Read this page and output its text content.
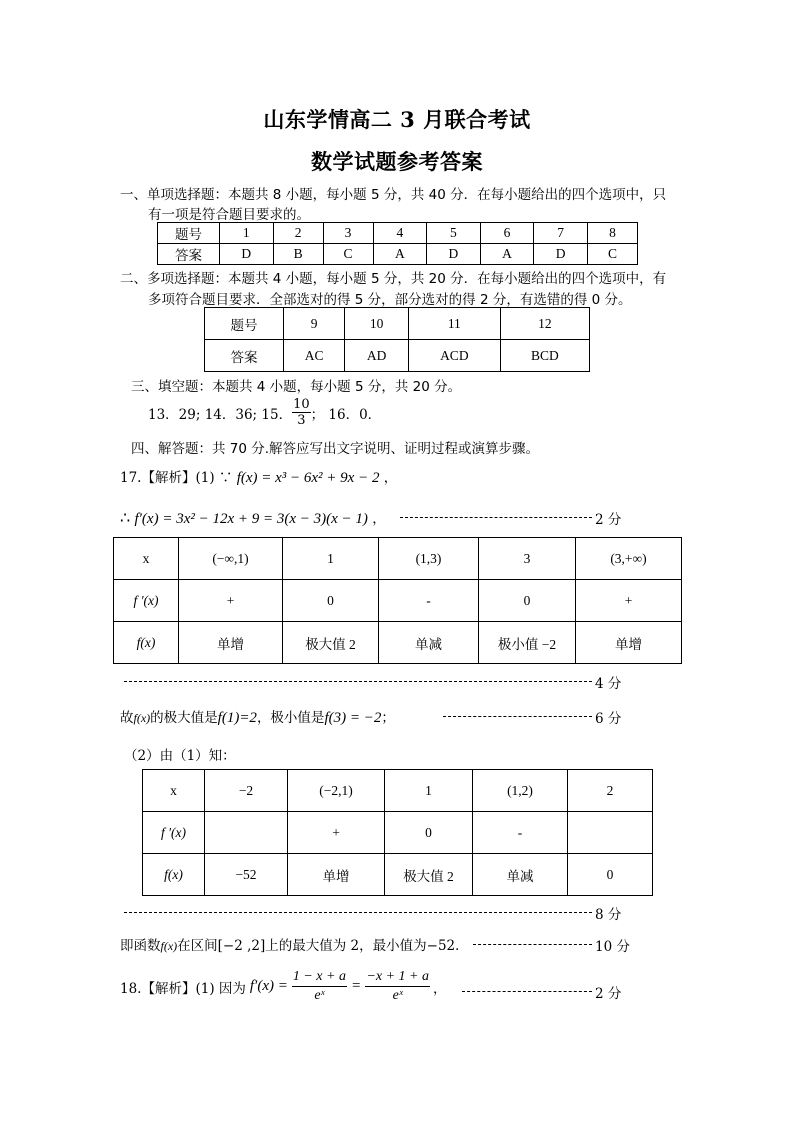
山东学情高二 3 月联合考试
数学试题参考答案
一、单项选择题：本题共 8 小题，每小题 5 分，共 40 分．在每小题给出的四个选项中，只
有一项是符合题目要求的。
题号	1	2	3	4	5	6	7	8
答案	D	B	C	A	D	A	D	C
二、多项选择题：本题共 4 小题，每小题 5 分，共 20 分．在每小题给出的四个选项中，有
多项符合题目要求．全部选对的得 5 分，部分选对的得 2 分，有选错的得 0 分。
题号	9	10	11	12
答案	AC	AD	ACD	BCD
三、填空题：本题共 4 小题，每小题 5 分，共 20 分。
13．29; 14．36; 15． $\frac{10}{3}$ ； 16．0．
四、解答题：共 70 分.解答应写出文字说明、证明过程或演算步骤。
17.【解析】(1) ∵ f(x) = x³ − 6x² + 9x − 2 ，
∴ f′(x) = 3x² − 12x + 9 = 3(x − 3)(x − 1) ，	2 分
x	(−∞,1)	1	(1,3)	3	(3,+∞)
f ′(x)	+	0	-	0	+
f(x)	单增	极大值 2	单减	极小值 −2	单增
4 分
故f(x)的极大值是f(1)=2，极小值是f(3) = −2；	6 分
（2）由（1）知：
x	−2	(−2,1)	1	(1,2)	2
f ′(x)		+	0	-	
f(x)	−52	单增	极大值 2	单减	0
8 分
即函数f(x)在区间[−2 ,2]上的最大值为 2，最小值为−52．	10 分
18.【解析】(1) 因为 $f'(x) = \frac{1 - x + a}{\text{eˣ}} = \frac{-x + 1 + a}{\text{eˣ}}$ ，	2 分
